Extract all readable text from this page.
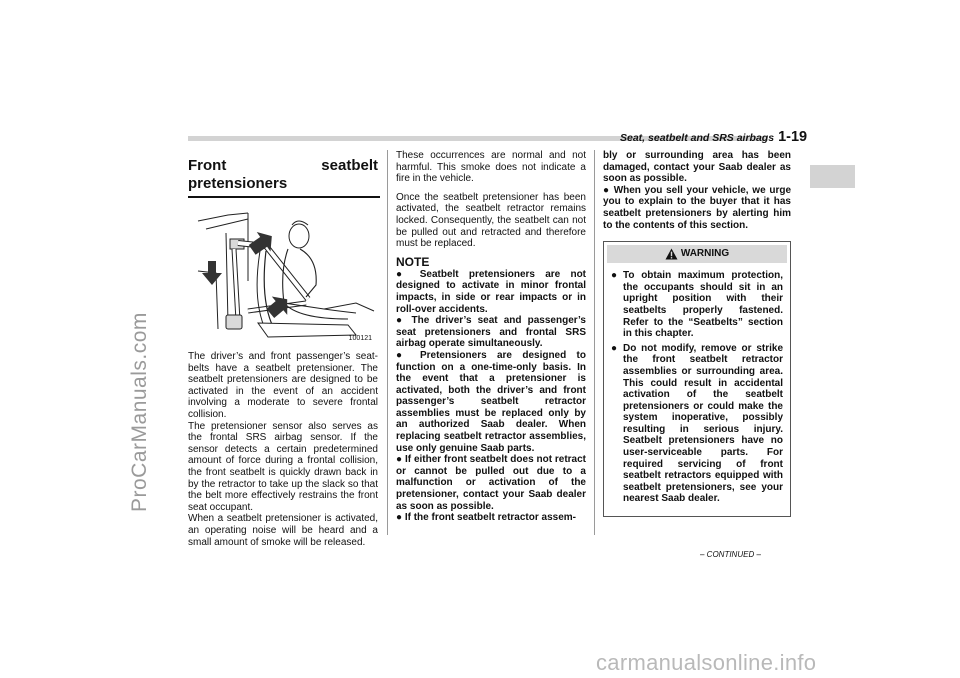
ProCarManuals.com
carmanualsonline.info
Seat, seatbelt and SRS airbags 1-19
Front seatbelt pretensioners
100121

The driver’s and front passenger’s seat-belts have a seatbelt pretensioner. The seatbelt pretensioners are designed to be activated in the event of an accident involving a moderate to severe frontal collision.

The pretensioner sensor also serves as the frontal SRS airbag sensor. If the sensor detects a certain predetermined amount of force during a frontal collision, the front seatbelt is quickly drawn back in by the retractor to take up the slack so that the belt more effectively restrains the front seat occupant.

When a seatbelt pretensioner is activated, an operating noise will be heard and a small amount of smoke will be released.

These occurrences are normal and not harmful. This smoke does not indicate a fire in the vehicle.

Once the seatbelt pretensioner has been activated, the seatbelt retractor remains locked. Consequently, the seatbelt can not be pulled out and retracted and therefore must be replaced.

NOTE

● Seatbelt pretensioners are not designed to activate in minor frontal impacts, in side or rear impacts or in roll-over accidents.

● The driver’s seat and passenger’s seat pretensioners and frontal SRS airbag operate simultaneously.

● Pretensioners are designed to function on a one-time-only basis. In the event that a pretensioner is activated, both the driver’s and front passenger’s seatbelt retractor assemblies must be replaced only by an authorized Saab dealer. When replacing seatbelt retractor assemblies, use only genuine Saab parts.

● If either front seatbelt does not retract or cannot be pulled out due to a malfunction or activation of the pretensioner, contact your Saab dealer as soon as possible.

● If the front seatbelt retractor assem-

bly or surrounding area has been damaged, contact your Saab dealer as soon as possible.

● When you sell your vehicle, we urge you to explain to the buyer that it has seatbelt pretensioners by alerting him to the contents of this section.

WARNING
● To obtain maximum protection, the occupants should sit in an upright position with their seatbelts properly fastened. Refer to the “Seatbelts” section in this chapter.
● Do not modify, remove or strike the front seatbelt retractor assemblies or surrounding area. This could result in accidental activation of the seatbelt pretensioners or could make the system inoperative, possibly resulting in serious injury. Seatbelt pretensioners have no user-serviceable parts. For required servicing of front seatbelt retractors equipped with seatbelt pretensioners, see your nearest Saab dealer.
– CONTINUED –
